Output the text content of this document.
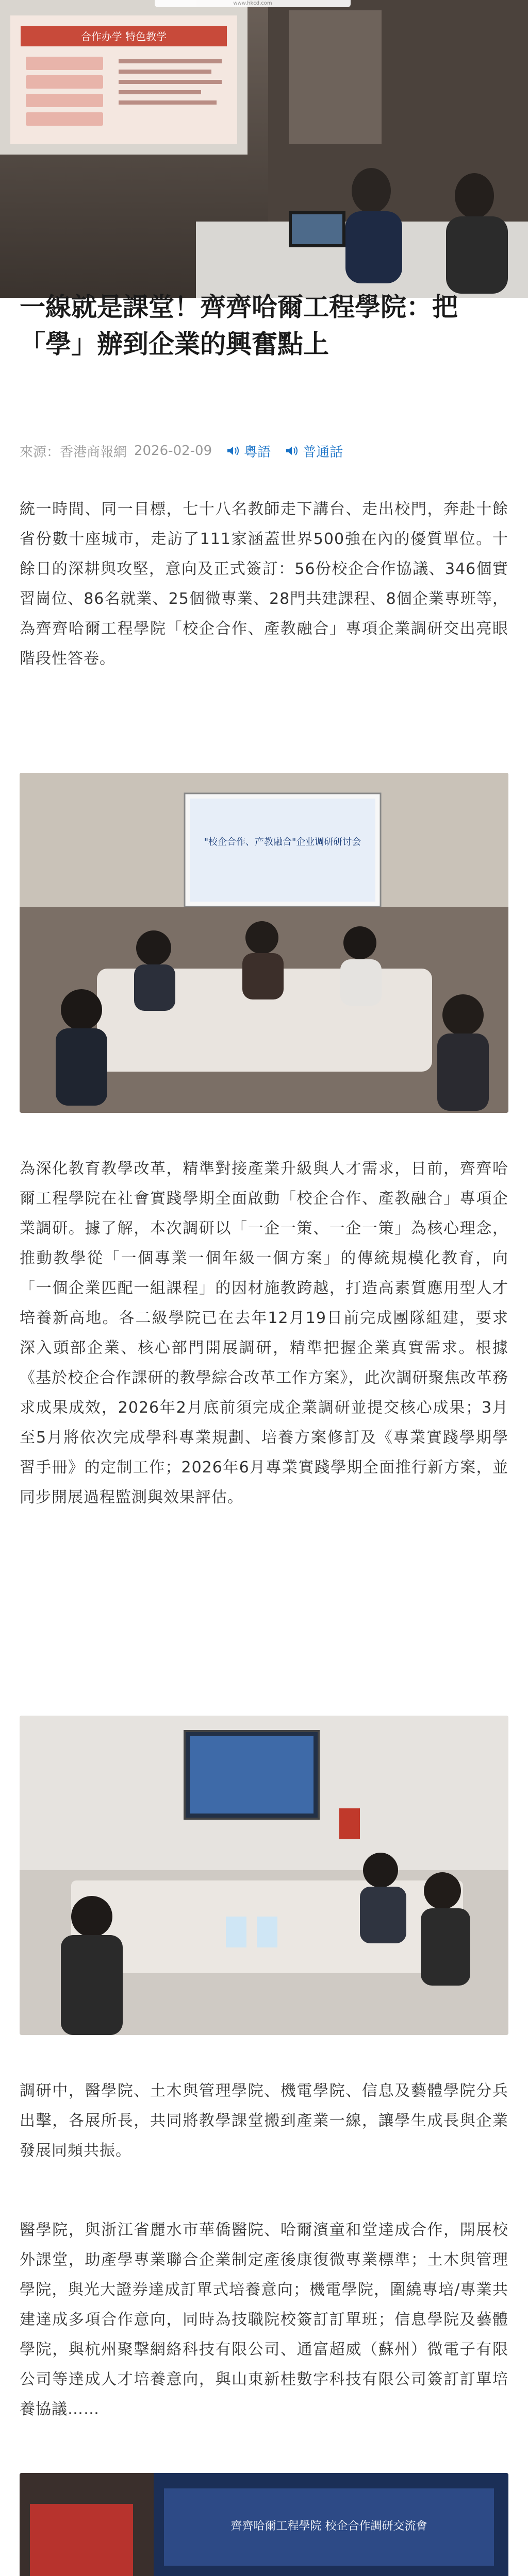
合作办学 特色教学
www.hkcd.com
一線就是課堂！齊齊哈爾工程學院：把「學」辦到企業的興奮點上
來源：香港商報網 2026-02-09 粵語 普通話

統一時間、同一目標，七十八名教師走下講台、走出校門，奔赴十餘省份數十座城市，走訪了111家涵蓋世界500強在內的優質單位。十餘日的深耕與攻堅，意向及正式簽訂：56份校企合作協議、346個實習崗位、86名就業、25個微專業、28門共建課程、8個企業專班等，為齊齊哈爾工程學院「校企合作、產教融合」專項企業調研交出亮眼階段性答卷。

"校企合作、产教融合"企业调研研讨会

為深化教育教學改革，精準對接產業升級與人才需求，日前，齊齊哈爾工程學院在社會實踐學期全面啟動「校企合作、產教融合」專項企業調研。據了解，本次調研以「一企一策、一企一策」為核心理念，推動教學從「一個專業一個年級一個方案」的傳統規模化教育，向「一個企業匹配一組課程」的因材施教跨越，打造高素質應用型人才培養新高地。各二級學院已在去年12月19日前完成團隊組建，要求深入頭部企業、核心部門開展調研，精準把握企業真實需求。根據《基於校企合作課研的教學綜合改革工作方案》，此次調研聚焦改革務求成果成效，2026年2月底前須完成企業調研並提交核心成果；3月至5月將依次完成學科專業規劃、培養方案修訂及《專業實踐學期學習手冊》的定制工作；2026年6月專業實踐學期全面推行新方案，並同步開展過程監測與效果評估。

調研中，醫學院、土木與管理學院、機電學院、信息及藝體學院分兵出擊，各展所長，共同將教學課堂搬到產業一線，讓學生成長與企業發展同頻共振。

醫學院，與浙江省麗水市華僑醫院、哈爾濱童和堂達成合作，開展校外課堂，助產學專業聯合企業制定產後康復微專業標準；土木與管理學院，與光大證券達成訂單式培養意向；機電學院，圍繞專培/專業共建達成多項合作意向，同時為技職院校簽訂訂單班；信息學院及藝體學院，與杭州聚擊網絡科技有限公司、通富超威（蘇州）微電子有限公司等達成人才培養意向，與山東新桂數字科技有限公司簽訂訂單培養協議……

齊齊哈爾工程學院 校企合作調研交流會
